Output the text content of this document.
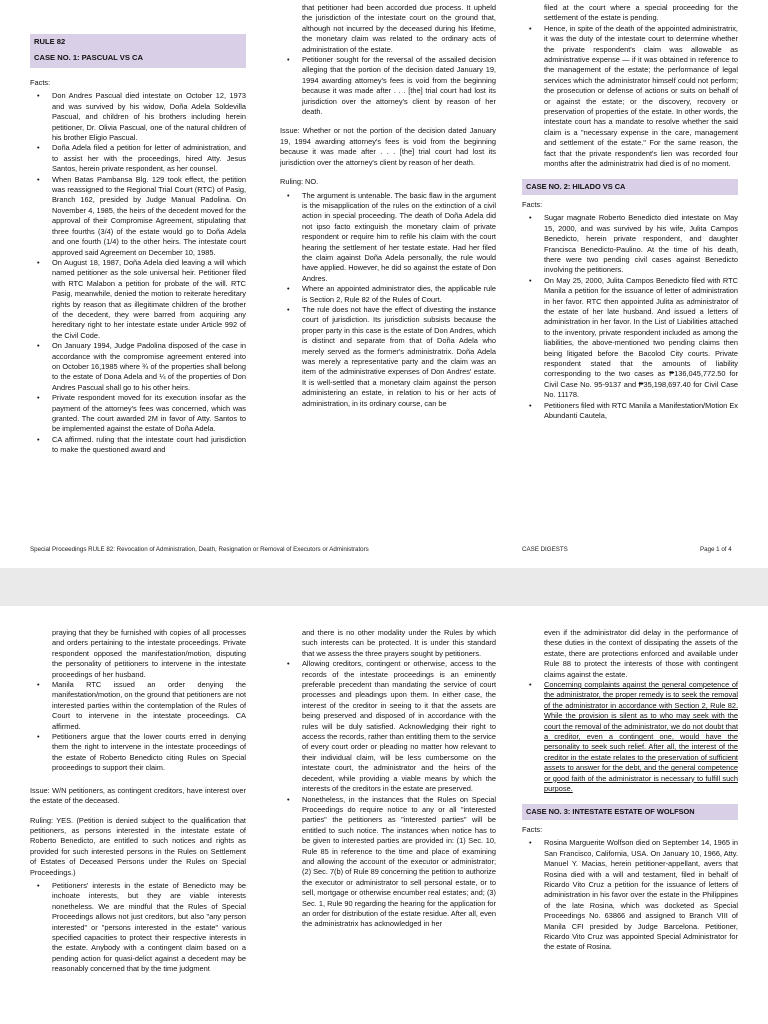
RULE 82
CASE NO. 1: PASCUAL VS CA
Facts:
• Don Andres Pascual died intestate on October 12, 1973 and was survived by his widow, Doña Adela Soldevilla Pascual, and children of his brothers including herein petitioner, Dr. Olivia Pascual, one of the natural children of his brother Eligio Pascual.
• Doña Adela filed a petition for letter of administration, and to assist her with the proceedings, hired Atty. Jesus Santos, herein private respondent, as her counsel.
• When Batas Pambansa Blg. 129 took effect, the petition was reassigned to the Regional Trial Court (RTC) of Pasig, Branch 162, presided by Judge Manual Padolina. On November 4, 1985, the heirs of the decedent moved for the approval of their Compromise Agreement, stipulating that three fourths (3/4) of the estate would go to Doña Adela and one fourth (1/4) to the other heirs. The intestate court approved said Agreement on December 10, 1985.
• On August 18, 1987, Doña Adela died leaving a will which named petitioner as the sole universal heir. Petitioner filed with RTC Malabon a petition for probate of the will. RTC Pasig, meanwhile, denied the motion to reiterate hereditary rights by reason that as illegitimate children of the brother of the decedent, they were barred from acquiring any hereditary right to her intestate estate under Article 992 of the Civil Code.
• On January 1994, Judge Padolina disposed of the case in accordance with the compromise agreement entered into on October 16,1985 where ¾ of the properties shall belong to the estate of Dona Adela and ¼ of the properties of Don Andres Pascual shall go to his other heirs.
• Private respondent moved for its execution insofar as the payment of the attorney's fees was concerned, which was granted. The court awarded 2M in favor of Atty. Santos to be implemented against the estate of Doña Adela.
• CA affirmed. ruling that the intestate court had jurisdiction to make the questioned award and
that petitioner had been accorded due process. It upheld the jurisdiction of the intestate court on the ground that, although not incurred by the deceased during his lifetime, the monetary claim was related to the ordinary acts of administration of the estate.
• Petitioner sought for the reversal of the assailed decision alleging that the portion of the decision dated January 19, 1994 awarding attorney's fees is void from the beginning because it was made after . . . [the] trial court had lost its jurisdiction over the attorney's client by reason of her death.

Issue: Whether or not the portion of the decision dated January 19, 1994 awarding attorney's fees is void from the beginning because it was made after . . . [the] trial court had lost its jurisdiction over the attorney's client by reason of her death.

Ruling: NO.

• The argument is untenable. The basic flaw in the argument is the misapplication of the rules on the extinction of a civil action in special proceeding. The death of Doña Adela did not ipso facto extinguish the monetary claim of private respondent or require him to refile his claim with the court hearing the settlement of her testate estate. Had her filed the claim against Doña Adela personally, the rule would have applied. However, he did so against the estate of Don Andres.
• Where an appointed administrator dies, the applicable rule is Section 2, Rule 82 of the Rules of Court.
• The rule does not have the effect of divesting the instance court of jurisdiction. Its jurisdiction subsists because the proper party in this case is the estate of Don Andres, which is distinct and separate from that of Doña Adela who merely served as the former's administratrix. Doña Adela was merely a representative party and the claim was an item of the administrative expenses of Don Andres' estate. It is well-settled that a monetary claim against the person administering an estate, in relation to his or her acts of administration, in its ordinary course, can be
filed at the court where a special proceeding for the settlement of the estate is pending.
• Hence, in spite of the death of the appointed administratrix, it was the duty of the intestate court to determine whether the private respondent's claim was allowable as administrative expense — if it was obtained in reference to the management of the estate; the performance of legal services which the administrator himself could not perform; the prosecution or defense of actions or suits on behalf of or against the estate; or the discovery, recovery or preservation of properties of the estate. In other words, the intestate court has a mandate to resolve whether the said claim is a "necessary expense in the care, management and settlement of the estate." For the same reason, the fact that the private respondent's lien was recorded four months after the administratrix had died is of no moment.
CASE NO. 2: HILADO VS CA
Facts:
• Sugar magnate Roberto Benedicto died intestate on May 15, 2000, and was survived by his wife, Julita Campos Benedicto, herein private respondent, and daughter Francisca Benedicto-Paulino. At the time of his death, there were two pending civil cases against Benedicto involving the petitioners.
• On May 25, 2000, Julita Campos Benedicto filed with RTC Manila a petition for the issuance of letter of administration in her favor. RTC then appointed Julita as administrator of the estate of her late husband. And issued a letters of administration in her favor. In the List of Liabilities attached to the inventory, private respondent included as among the liabilities, the above-mentioned two pending claims then being litigated before the Bacolod City courts. Private respondent stated that the amounts of liability corresponding to the two cases as ₱136,045,772.50 for Civil Case No. 95-9137 and ₱35,198,697.40 for Civil Case No. 11178.
• Petitioners filed with RTC Manila a Manifestation/Motion Ex Abundanti Cautela,
Special Proceedings RULE 82: Revocation of Administration, Death, Resignation or Removal of Executors or Administrators	CASE DIGESTS	Page 1 of 4
praying that they be furnished with copies of all processes and orders pertaining to the intestate proceedings. Private respondent opposed the manifestation/motion, disputing the personality of petitioners to intervene in the intestate proceedings of her husband.
• Manila RTC issued an order denying the manifestation/motion, on the ground that petitioners are not interested parties within the contemplation of the Rules of Court to intervene in the intestate proceedings. CA affirmed.
• Petitioners argue that the lower courts erred in denying them the right to intervene in the intestate proceedings of the estate of Roberto Benedicto citing Rules on Special proceedings to support their claim.

Issue: W/N petitioners, as contingent creditors, have interest over the estate of the deceased.

Ruling: YES. (Petition is denied subject to the qualification that petitioners, as persons interested in the intestate estate of Roberto Benedicto, are entitled to such notices and rights as provided for such interested persons in the Rules on Settlement of Estates of Deceased Persons under the Rules on Special Proceedings.)

• Petitioners' interests in the estate of Benedicto may be inchoate interests, but they are viable interests nonetheless. We are mindful that the Rules of Special Proceedings allows not just creditors, but also "any person interested" or "persons interested in the estate" various specified capacities to protect their respective interests in the estate. Anybody with a contingent claim based on a pending action for quasi-delict against a decedent may be reasonably concerned that by the time judgment
and there is no other modality under the Rules by which such interests can be protected. It is under this standard that we assess the three prayers sought by petitioners.
• Allowing creditors, contingent or otherwise, access to the records of the intestate proceedings is an eminently preferable precedent than mandating the service of court processes and pleadings upon them. In either case, the interest of the creditor in seeing to it that the assets are being preserved and disposed of in accordance with the rules will be duly satisfied. Acknowledging their right to access the records, rather than entitling them to the service of every court order or pleading no matter how relevant to their individual claim, will be less cumbersome on the intestate court, the administrator and the heirs of the decedent, while providing a viable means by which the interests of the creditors in the estate are preserved.
• Nonetheless, in the instances that the Rules on Special Proceedings do require notice to any or all "interested parties" the petitioners as "interested parties" will be entitled to such notice. The instances when notice has to be given to interested parties are provided in: (1) Sec. 10, Rule 85 in reference to the time and place of examining and allowing the account of the executor or administrator; (2) Sec. 7(b) of Rule 89 concerning the petition to authorize the executor or administrator to sell personal estate, or to sell, mortgage or otherwise encumber real estates; and; (3) Sec. 1, Rule 90 regarding the hearing for the application for an order for distribution of the estate residue. After all, even the administratrix has acknowledged in her
even if the administrator did delay in the performance of these duties in the context of dissipating the assets of the estate, there are protections enforced and available under Rule 88 to protect the interests of those with contingent claims against the estate.
• Concerning complaints against the general competence of the administrator, the proper remedy is to seek the removal of the administrator in accordance with Section 2, Rule 82. While the provision is silent as to who may seek with the court the removal of the administrator, we do not doubt that a creditor, even a contingent one, would have the personality to seek such relief. After all, the interest of the creditor in the estate relates to the preservation of sufficient assets to answer for the debt, and the general competence or good faith of the administrator is necessary to fulfill such purpose.
CASE NO. 3: INTESTATE ESTATE OF WOLFSON
Facts:
• Rosina Marguerite Wolfson died on September 14, 1965 in San Francisco, California, USA. On January 10, 1966, Atty. Manuel Y. Macias, herein petitioner-appellant, avers that Rosina died with a will and testament, filed in behalf of Ricardo Vito Cruz a petition for the issuance of letters of administration in his favor over the estate in the Philippines of the late Rosina, which was docketed as Special Proceedings No. 63866 and assigned to Branch VIII of Manila CFI presided by Judge Barcelona. Petitioner, Ricardo Vito Cruz was appointed Special Administrator for the estate of Rosina.
